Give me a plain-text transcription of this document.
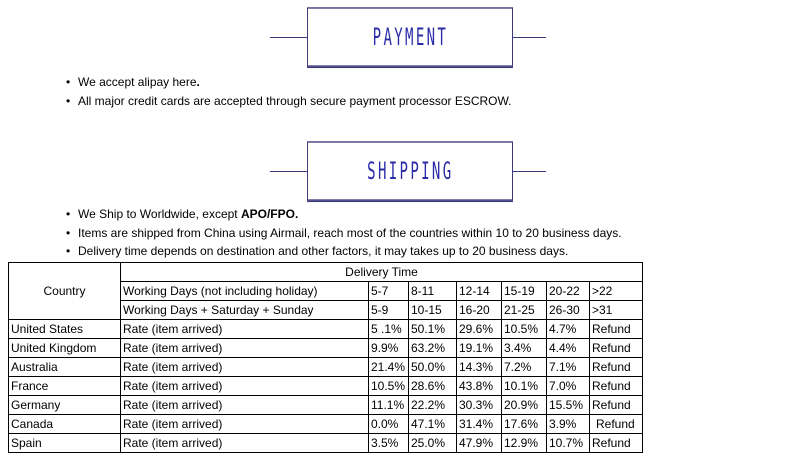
PAYMENT
• We accept alipay here.
• All major credit cards are accepted through secure payment processor ESCROW.
SHIPPING
• We Ship to Worldwide, except APO/FPO.
• Items are shipped from China using Airmail, reach most of the countries within 10 to 20 business days.
• Delivery time depends on destination and other factors, it may takes up to 20 business days.
Country	Delivery Time						
	Working Days (not including holiday)	5-7	8-11	12-14	15-19	20-22	>22
	Working Days + Saturday + Sunday	5-9	10-15	16-20	21-25	26-30	>31
United States	Rate (item arrived)	5 .1%	50.1%	29.6%	10.5%	4.7%	Refund
United Kingdom	Rate (item arrived)	9.9%	63.2%	19.1%	3.4%	4.4%	Refund
Australia	Rate (item arrived)	21.4%	50.0%	14.3%	7.2%	7.1%	Refund
France	Rate (item arrived)	10.5%	28.6%	43.8%	10.1%	7.0%	Refund
Germany	Rate (item arrived)	11.1%	22.2%	30.3%	20.9%	15.5%	Refund
Canada	Rate (item arrived)	0.0%	47.1%	31.4%	17.6%	3.9%	Refund
Spain	Rate (item arrived)	3.5%	25.0%	47.9%	12.9%	10.7%	Refund
